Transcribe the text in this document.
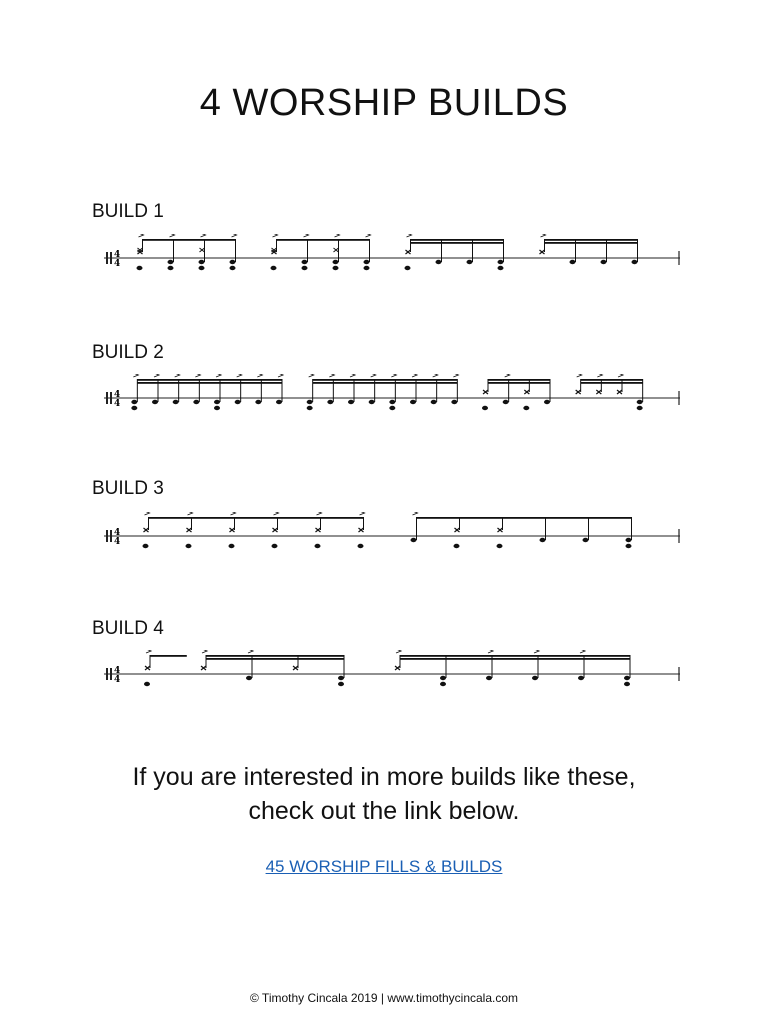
4 WORSHIP BUILDS
BUILD 1
4
4
BUILD 2
4
4
BUILD 3
4
4
BUILD 4
4
4
If you are interested in more builds like these,
check out the link below.
45 WORSHIP FILLS & BUILDS
© Timothy Cincala 2019 | www.timothycincala.com
